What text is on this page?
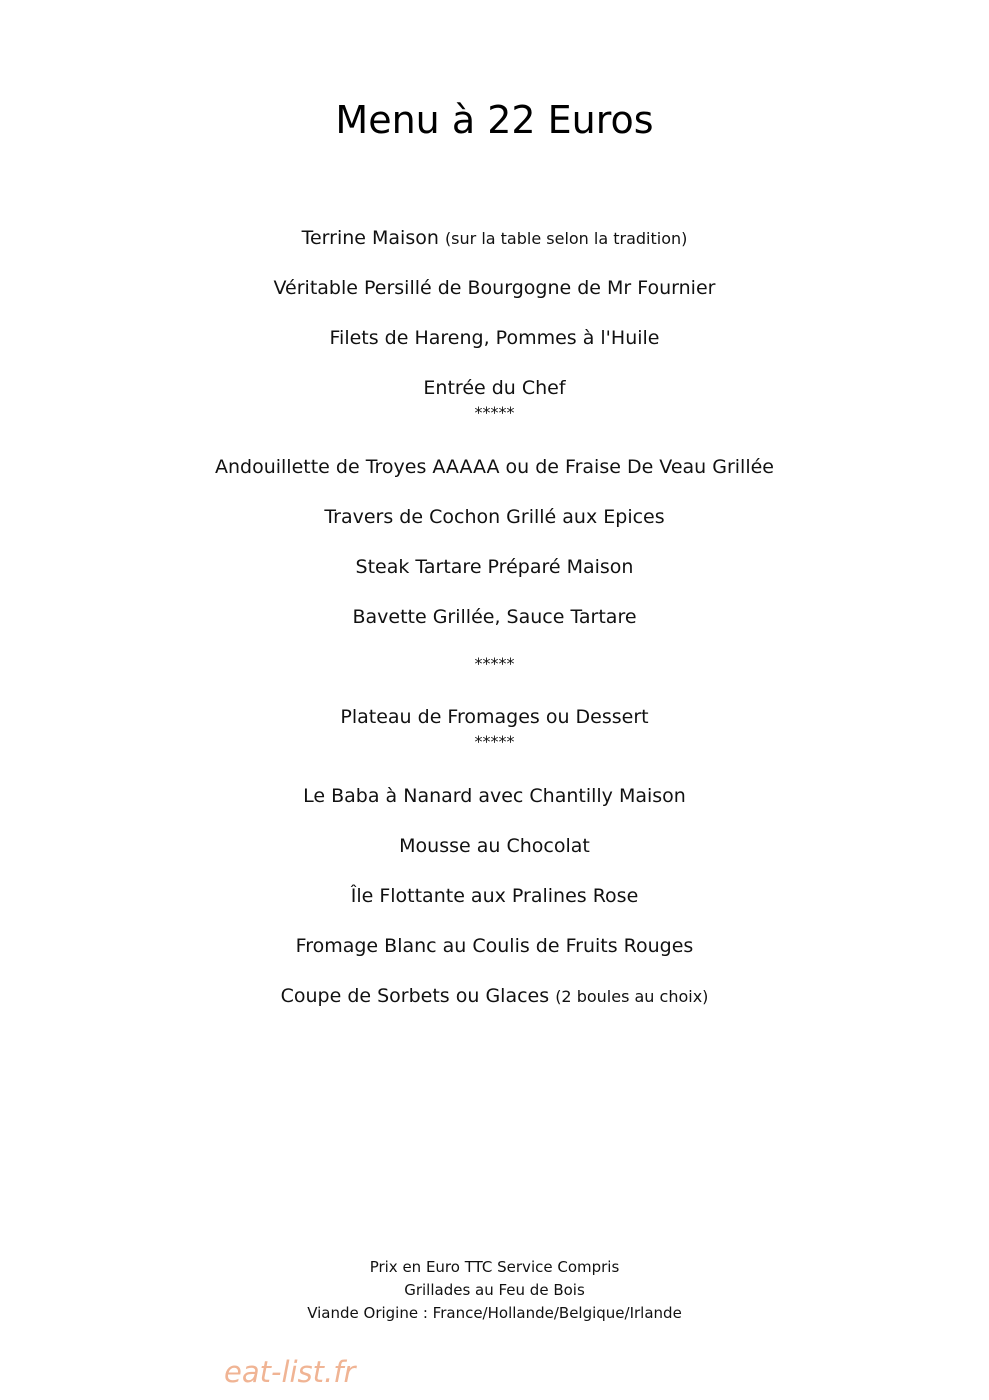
Menu à 22 Euros
Terrine Maison (sur la table selon la tradition)
Véritable Persillé de Bourgogne de Mr Fournier
Filets de Hareng, Pommes à l'Huile
Entrée du Chef
*****
Andouillette de Troyes AAAAA ou de Fraise De Veau Grillée
Travers de Cochon Grillé aux Epices
Steak Tartare Préparé Maison
Bavette Grillée, Sauce Tartare
*****
Plateau de Fromages ou Dessert
*****
Le Baba à Nanard avec Chantilly Maison
Mousse au Chocolat
Île Flottante aux Pralines Rose
Fromage Blanc au Coulis de Fruits Rouges
Coupe de Sorbets ou Glaces (2 boules au choix)
Prix en Euro TTC Service Compris
Grillades au Feu de Bois
Viande Origine : France/Hollande/Belgique/Irlande
eat-list.fr
